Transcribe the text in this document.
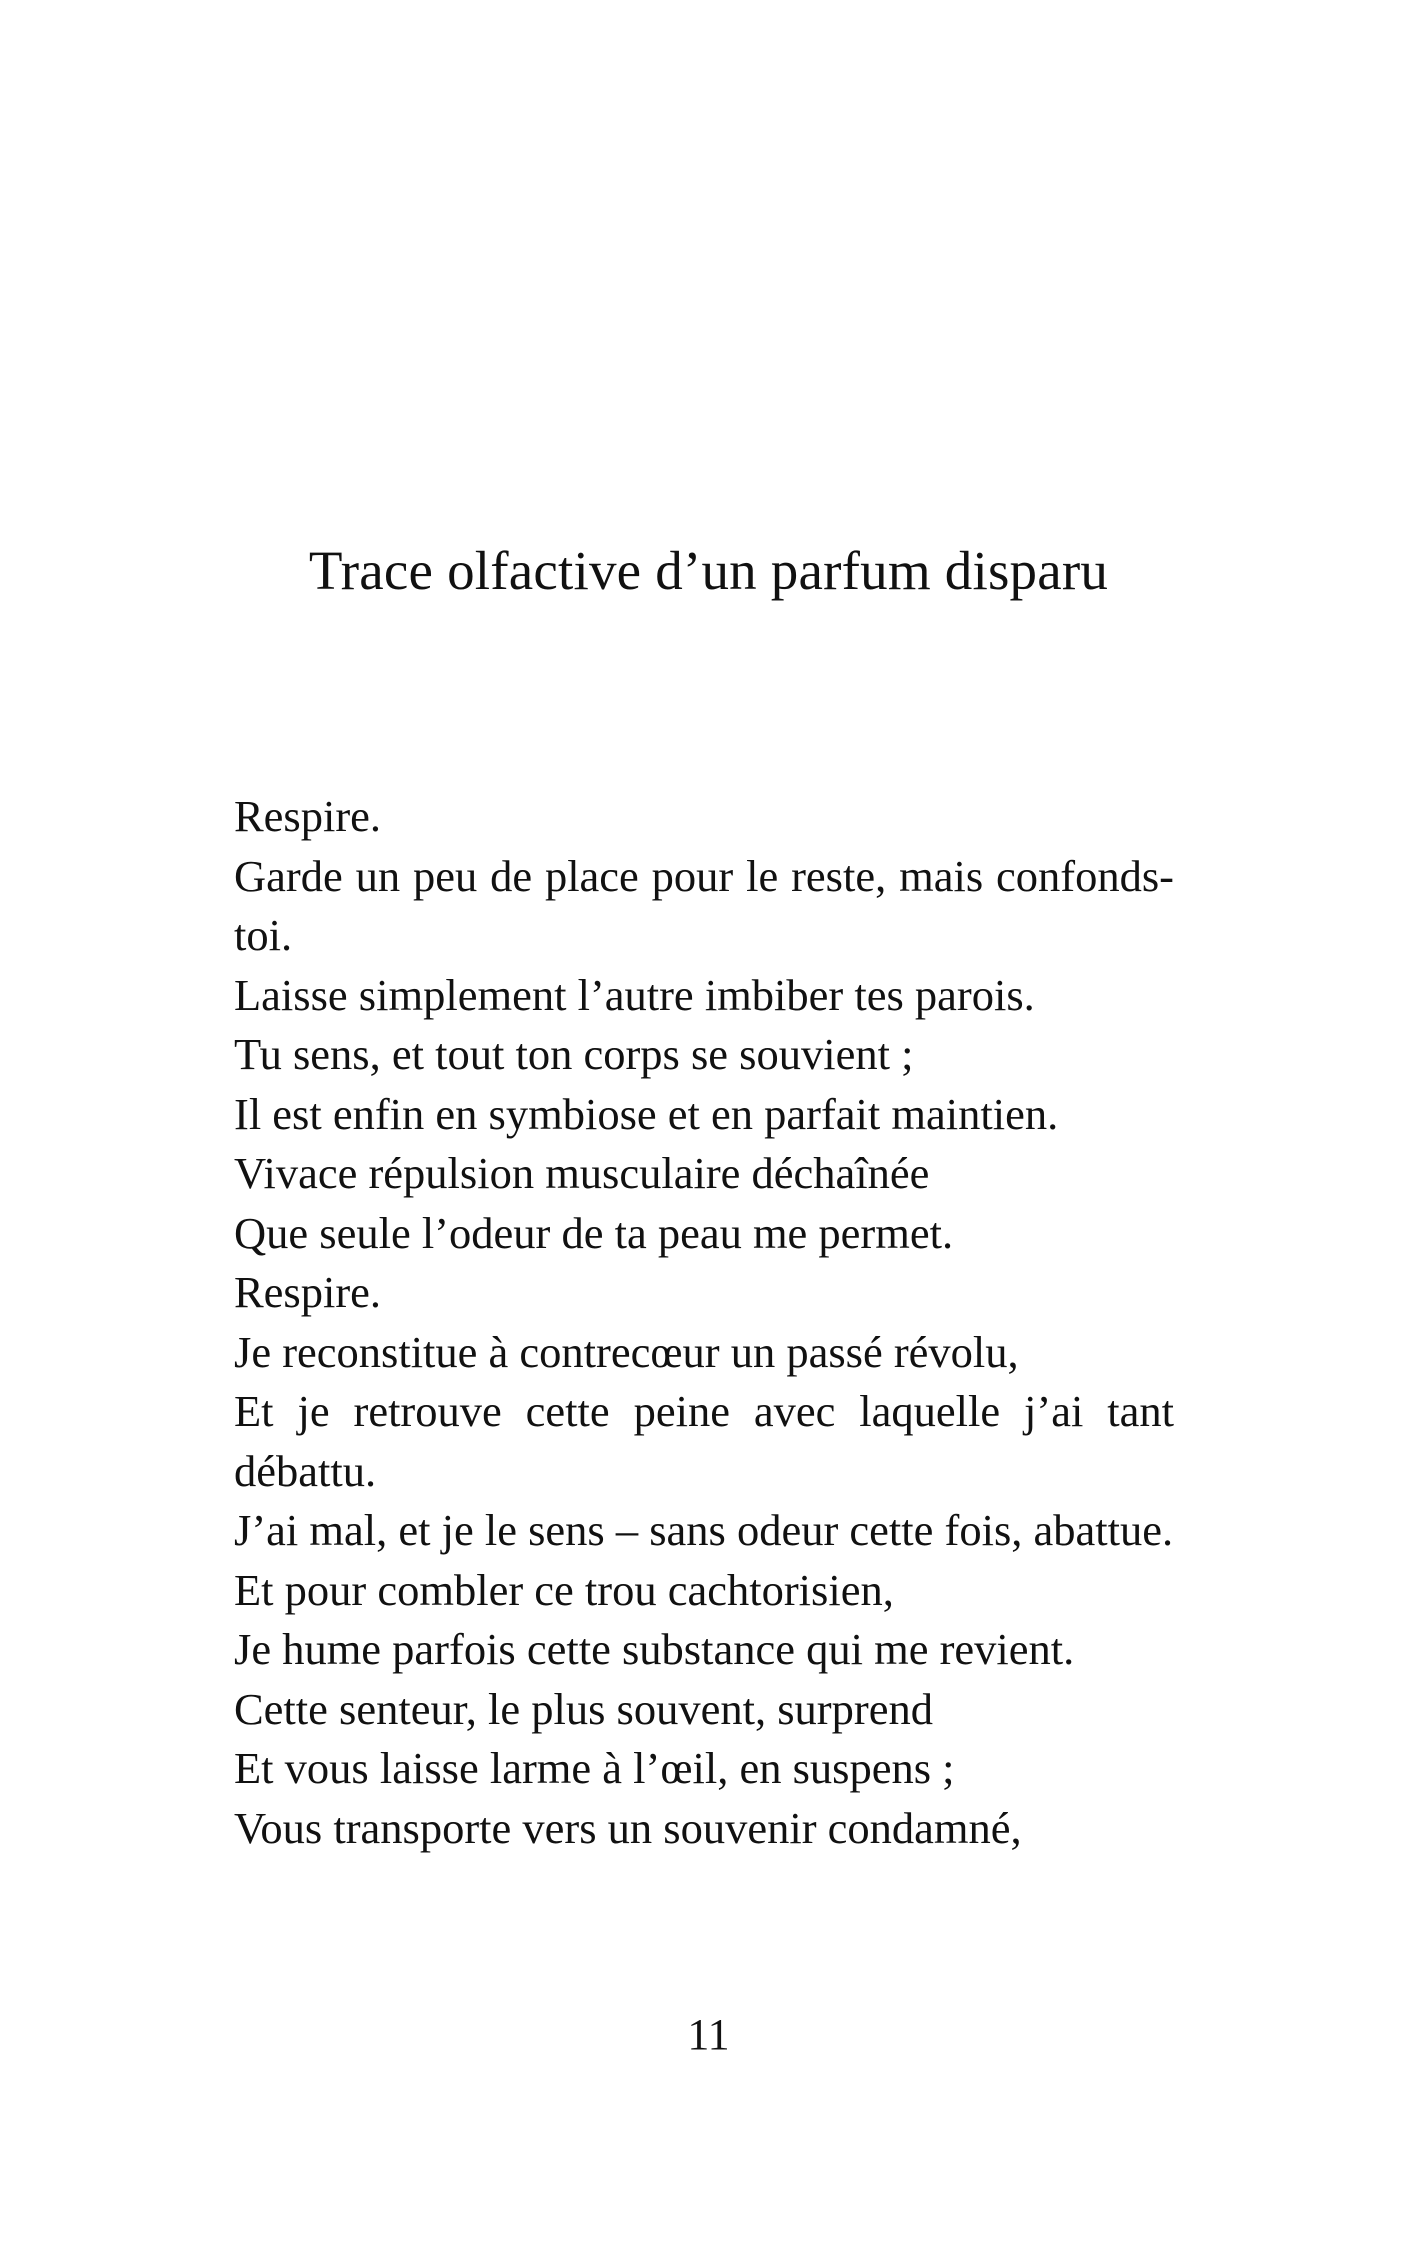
Trace olfactive d’un parfum disparu
Respire.
Garde un peu de place pour le reste, mais confonds-toi.
Laisse simplement l’autre imbiber tes parois.
Tu sens, et tout ton corps se souvient ;
Il est enfin en symbiose et en parfait maintien.
Vivace répulsion musculaire déchaînée
Que seule l’odeur de ta peau me permet.
Respire.
Je reconstitue à contrecœur un passé révolu,
Et je retrouve cette peine avec laquelle j’ai tant débattu.
J’ai mal, et je le sens – sans odeur cette fois, abattue.
Et pour combler ce trou cachtorisien,
Je hume parfois cette substance qui me revient.
Cette senteur, le plus souvent, surprend
Et vous laisse larme à l’œil, en suspens ;
Vous transporte vers un souvenir condamné,
11
